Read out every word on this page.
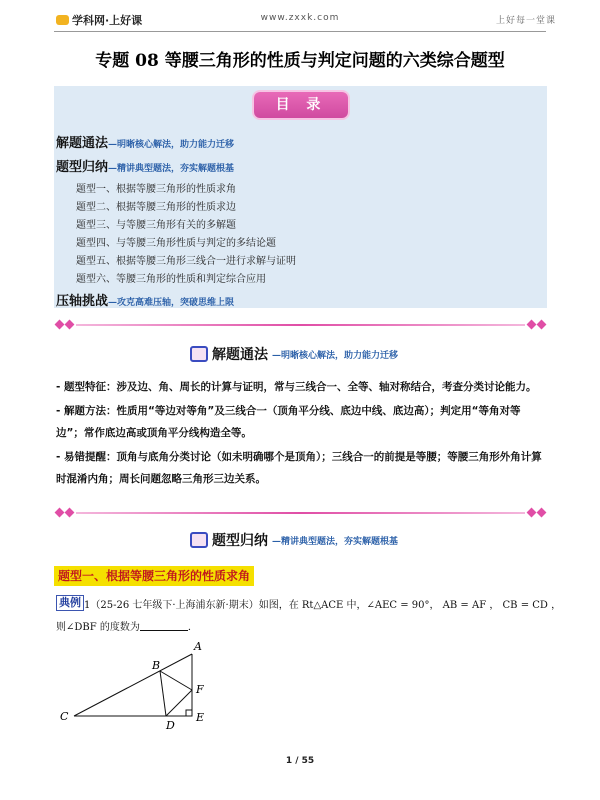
学科网·上好课	www.zxxk.com	上好每一堂课
专题 08 等腰三角形的性质与判定问题的六类综合题型
目 录
解题通法—明晰核心解法，助力能力迁移
题型归纳—精讲典型题法，夯实解题根基
题型一、根据等腰三角形的性质求角
题型二、根据等腰三角形的性质求边
题型三、与等腰三角形有关的多解题
题型四、与等腰三角形性质与判定的多结论题
题型五、根据等腰三角形三线合一进行求解与证明
题型六、等腰三角形的性质和判定综合应用
压轴挑战—攻克高难压轴，突破思维上限
解题通法 —明晰核心解法，助力能力迁移
- 题型特征：涉及边、角、周长的计算与证明，常与三线合一、全等、轴对称结合，考查分类讨论能力。
- 解题方法：性质用“等边对等角”及三线合一（顶角平分线、底边中线、底边高）；判定用“等角对等边”；常作底边高或顶角平分线构造全等。
- 易错提醒：顶角与底角分类讨论（如未明确哪个是顶角）；三线合一的前提是等腰；等腰三角形外角计算时混淆内角；周长问题忽略三角形三边关系。
题型归纳 —精讲典型题法，夯实解题根基
题型一、根据等腰三角形的性质求角
典例 1（25-26 七年级下·上海浦东新·期末）如图，在 Rt△ACE 中，∠AEC = 90°， AB = AF ， CB = CD ，
则∠DBF 的度数为	．
A
B
C
D
E
F
1 / 55
